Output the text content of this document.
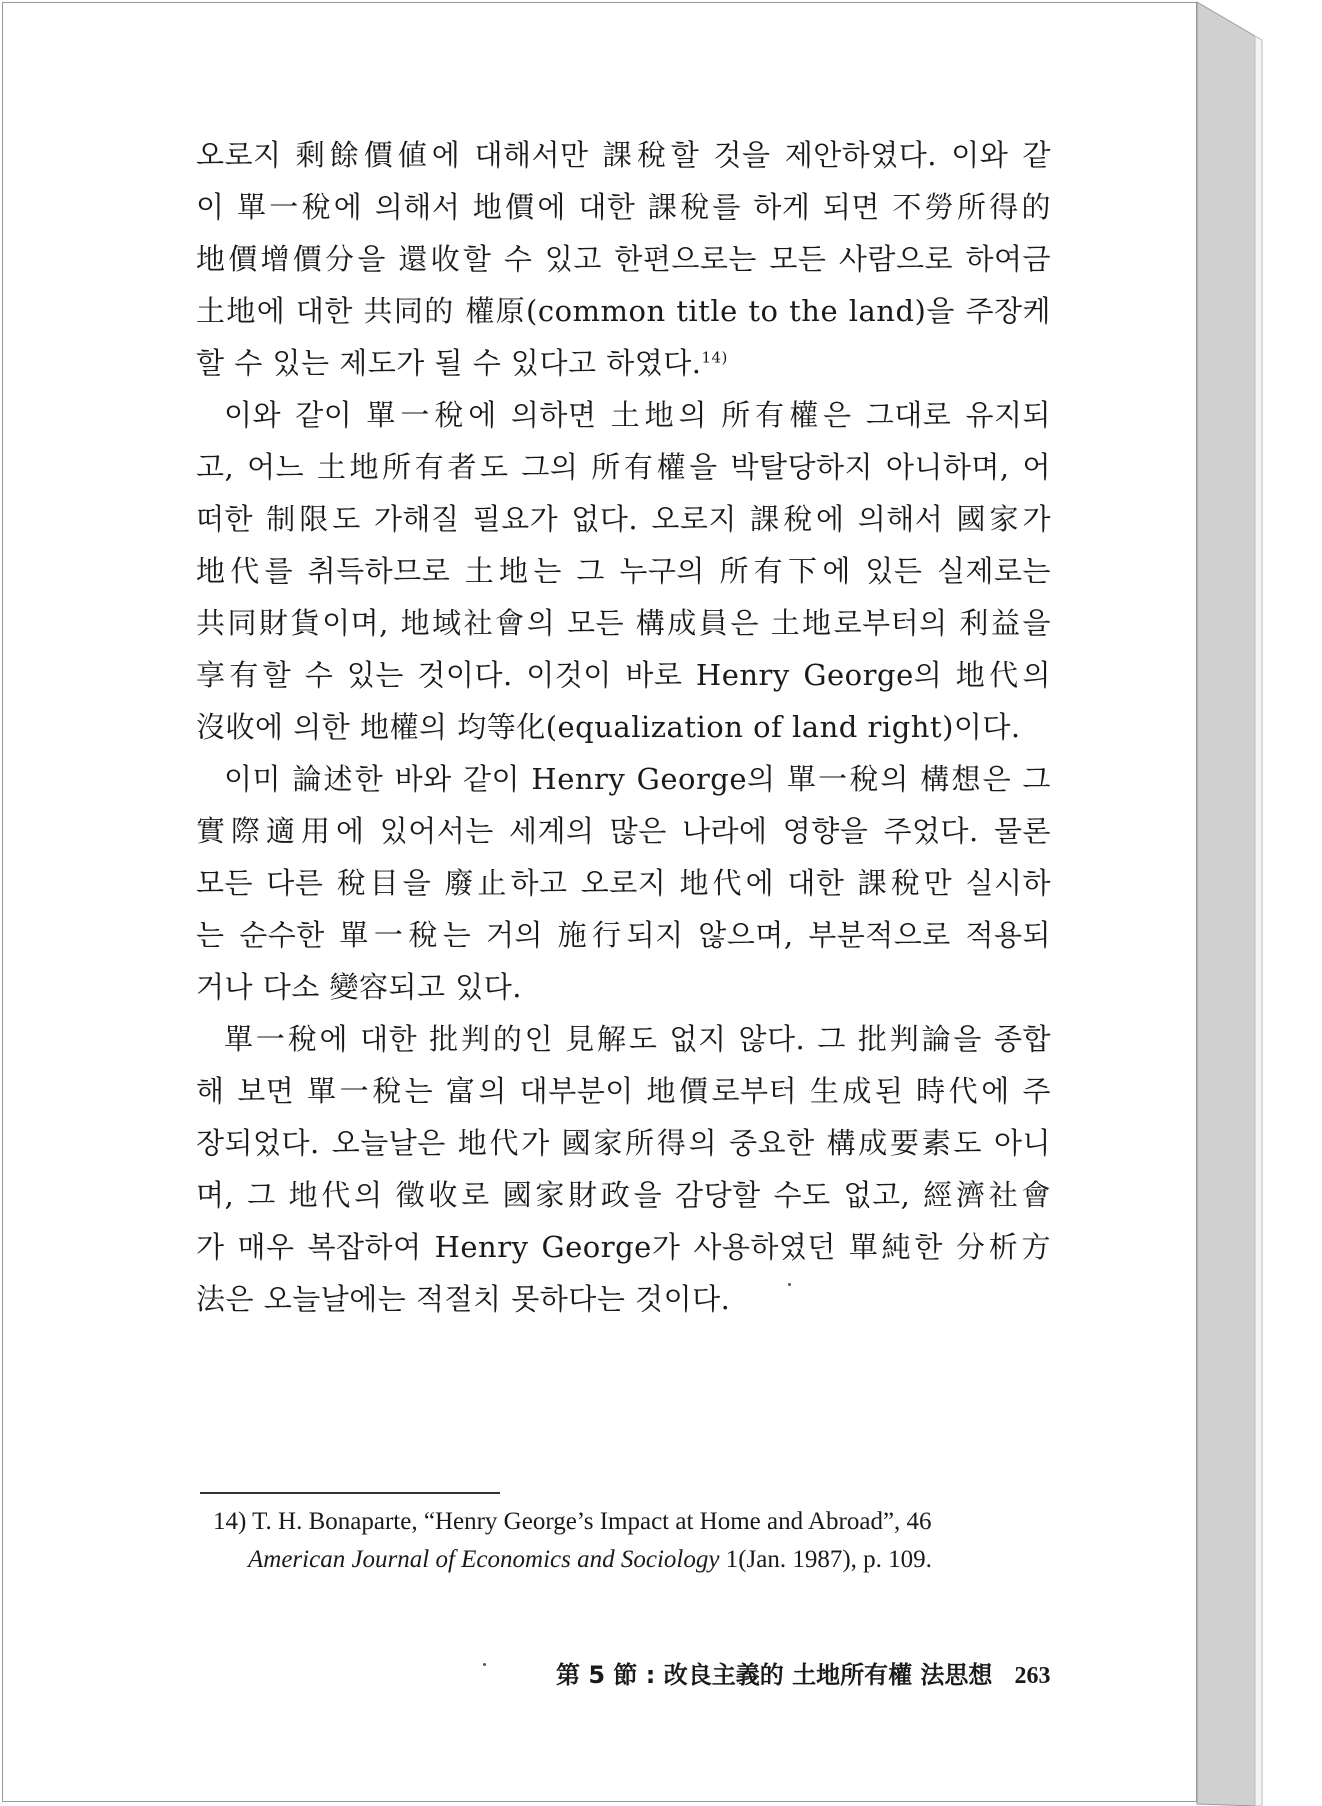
오로지 剩餘價値에 대해서만 課稅할 것을 제안하였다. 이와 같
이 單一稅에 의해서 地價에 대한 課稅를 하게 되면 不勞所得的
地價增價分을 還收할 수 있고 한편으로는 모든 사람으로 하여금
土地에 대한 共同的 權原(common title to the land)을 주장케
할 수 있는 제도가 될 수 있다고 하였다.$^{14)}$
이와 같이 單一稅에 의하면 土地의 所有權은 그대로 유지되
고, 어느 土地所有者도 그의 所有權을 박탈당하지 아니하며, 어
떠한 制限도 가해질 필요가 없다. 오로지 課稅에 의해서 國家가
地代를 취득하므로 土地는 그 누구의 所有下에 있든 실제로는
共同財貨이며, 地域社會의 모든 構成員은 土地로부터의 利益을
享有할 수 있는 것이다. 이것이 바로 Henry George의 地代의
沒收에 의한 地權의 均等化(equalization of land right)이다.
이미 論述한 바와 같이 Henry George의 單一稅의 構想은 그
實際適用에 있어서는 세계의 많은 나라에 영향을 주었다. 물론
모든 다른 稅目을 廢止하고 오로지 地代에 대한 課稅만 실시하
는 순수한 單一稅는 거의 施行되지 않으며, 부분적으로 적용되
거나 다소 變容되고 있다.
單一稅에 대한 批判的인 見解도 없지 않다. 그 批判論을 종합
해 보면 單一稅는 富의 대부분이 地價로부터 生成된 時代에 주
장되었다. 오늘날은 地代가 國家所得의 중요한 構成要素도 아니
며, 그 地代의 徵收로 國家財政을 감당할 수도 없고, 經濟社會
가 매우 복잡하여 Henry George가 사용하였던 單純한 分析方
法은 오늘날에는 적절치 못하다는 것이다.
14) T. H. Bonaparte, “Henry George’s Impact at Home and Abroad”, 46
American Journal of Economics and Sociology 1(Jan. 1987), p. 109.
第 5 節 : 改良主義的 土地所有權 法思想 263
